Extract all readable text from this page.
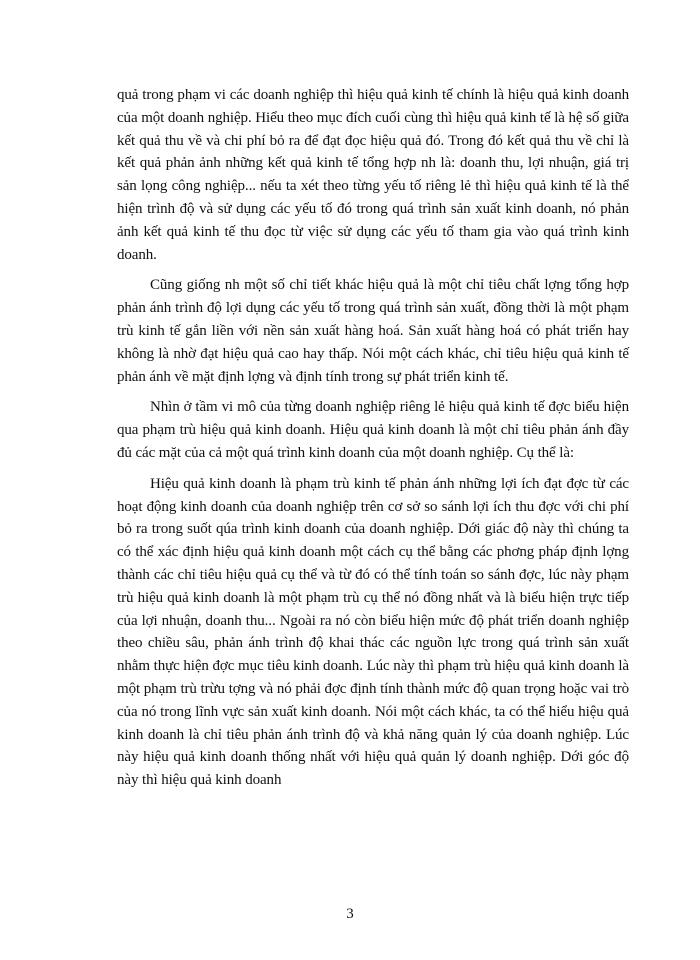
quả trong phạm vi các doanh nghiệp thì hiệu quả kinh tế chính là hiệu quả kinh doanh của một doanh nghiệp. Hiểu theo mục đích cuối cùng thì hiệu quả kinh tế là hệ số giữa kết quả thu về và chi phí bỏ ra để đạt đọc hiệu quả đó. Trong đó kết quả thu về chỉ là kết quả phản ảnh những kết quả kinh tế tổng hợp nh là: doanh thu, lợi nhuận, giá trị sản lọng công nghiệp... nếu ta xét theo từng yếu tố riêng lẻ thì hiệu quả kinh tế là thể hiện trình độ và sử dụng các yếu tố đó trong quá trình sản xuất kinh doanh, nó phản ảnh kết quả kinh tế thu đọc từ việc sử dụng các yếu tố tham gia vào quá trình kinh doanh.

Cũng giống nh một số chỉ tiết khác hiệu quả là một chỉ tiêu chất lợng tổng hợp phản ánh trình độ lợi dụng các yếu tố trong quá trình sản xuất, đồng thời là một phạm trù kinh tế gắn liền với nền sản xuất hàng hoá. Sản xuất hàng hoá có phát triển hay không là nhờ đạt hiệu quả cao hay thấp. Nói một cách khác, chỉ tiêu hiệu quả kinh tế phản ánh về mặt định lợng và định tính trong sự phát triển kinh tế.

Nhìn ở tầm vi mô của từng doanh nghiệp riêng lẻ hiệu quả kinh tế đợc biểu hiện qua phạm trù hiệu quả kinh doanh. Hiệu quả kinh doanh là một chỉ tiêu phản ánh đầy đủ các mặt của cả một quá trình kinh doanh của một doanh nghiệp. Cụ thể là:

Hiệu quả kinh doanh là phạm trù kinh tế phản ánh những lợi ích đạt đợc từ các hoạt động kinh doanh của doanh nghiệp trên cơ sở so sánh lợi ích thu đợc với chi phí bỏ ra trong suốt qúa trình kinh doanh của doanh nghiệp. Dới giác độ này thì chúng ta có thể xác định hiệu quả kinh doanh một cách cụ thể bằng các phơng pháp định lợng thành các chỉ tiêu hiệu quả cụ thể và từ đó có thể tính toán so sánh đợc, lúc này phạm trù hiệu quả kinh doanh là một phạm trù cụ thể nó đồng nhất và là biểu hiện trực tiếp của lợi nhuận, doanh thu... Ngoài ra nó còn biểu hiện mức độ phát triển doanh nghiệp theo chiều sâu, phản ánh trình độ khai thác các nguồn lực trong quá trình sản xuất nhằm thực hiện đợc mục tiêu kinh doanh. Lúc này thì phạm trù hiệu quả kinh doanh là một phạm trù trừu tợng và nó phải đợc định tính thành mức độ quan trọng hoặc vai trò của nó trong lĩnh vực sản xuất kinh doanh. Nói một cách khác, ta có thể hiểu hiệu quả kinh doanh là chỉ tiêu phản ánh trình độ và khả năng quản lý của doanh nghiệp. Lúc này hiệu quả kinh doanh thống nhất với hiệu quả quản lý doanh nghiệp. Dới góc độ này thì hiệu quả kinh doanh

3
